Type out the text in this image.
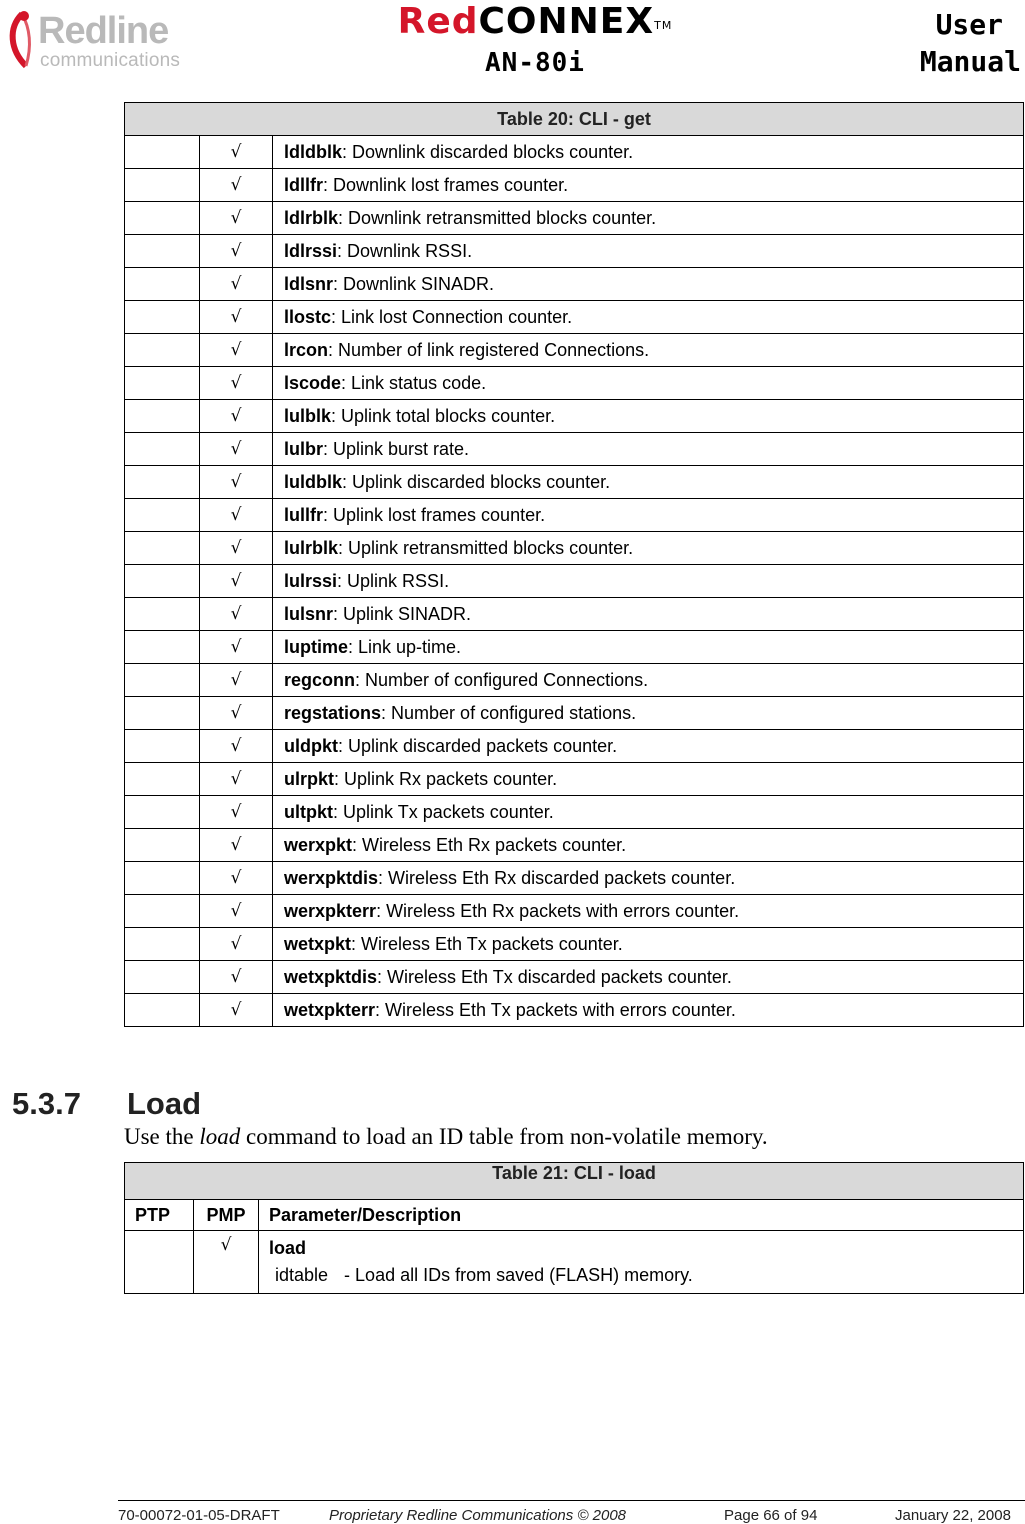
Redline
communications
RedCONNEX™
AN-80i
User
Manual
Table 20: CLI - get		
	√	ldldblk: Downlink discarded blocks counter.
	√	ldllfr: Downlink lost frames counter.
	√	ldlrblk: Downlink retransmitted blocks counter.
	√	ldlrssi: Downlink RSSI.
	√	ldlsnr: Downlink SINADR.
	√	llostc: Link lost Connection counter.
	√	lrcon: Number of link registered Connections.
	√	lscode: Link status code.
	√	lulblk: Uplink total blocks counter.
	√	lulbr: Uplink burst rate.
	√	luldblk: Uplink discarded blocks counter.
	√	lullfr: Uplink lost frames counter.
	√	lulrblk: Uplink retransmitted blocks counter.
	√	lulrssi: Uplink RSSI.
	√	lulsnr: Uplink SINADR.
	√	luptime: Link up-time.
	√	regconn: Number of configured Connections.
	√	regstations: Number of configured stations.
	√	uldpkt: Uplink discarded packets counter.
	√	ulrpkt: Uplink Rx packets counter.
	√	ultpkt: Uplink Tx packets counter.
	√	werxpkt: Wireless Eth Rx packets counter.
	√	werxpktdis: Wireless Eth Rx discarded packets counter.
	√	werxpkterr: Wireless Eth Rx packets with errors counter.
	√	wetxpkt: Wireless Eth Tx packets counter.
	√	wetxpktdis: Wireless Eth Tx discarded packets counter.
	√	wetxpkterr: Wireless Eth Tx packets with errors counter.
5.3.7 Load
Use the load command to load an ID table from non-volatile memory.
Table 21: CLI - load		
PTP	PMP	Parameter/Description
	√	load
idtable - Load all IDs from saved (FLASH) memory.
70-00072-01-05-DRAFT	Proprietary Redline Communications © 2008	Page 66 of 94	January 22, 2008
